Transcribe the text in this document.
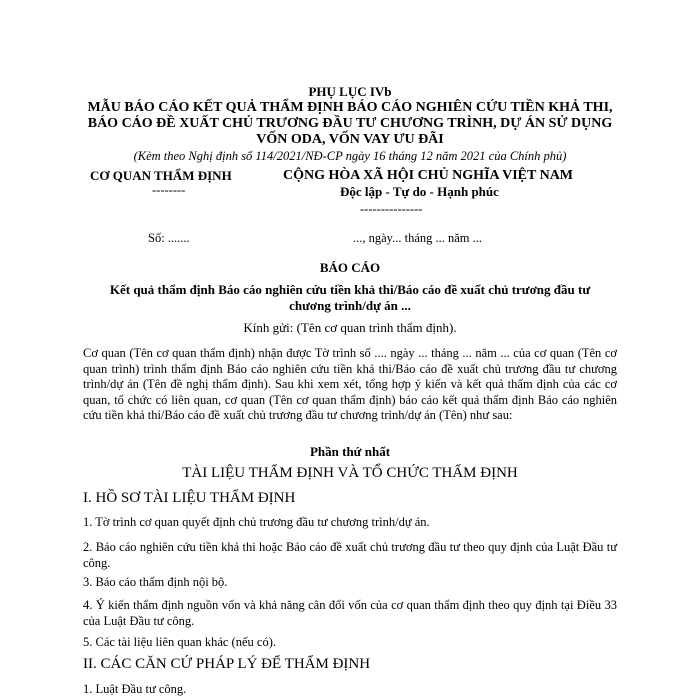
PHỤ LỤC IVb
MẪU BÁO CÁO KẾT QUẢ THẨM ĐỊNH BÁO CÁO NGHIÊN CỨU TIỀN KHẢ THI,
BÁO CÁO ĐỀ XUẤT CHỦ TRƯƠNG ĐẦU TƯ CHƯƠNG TRÌNH, DỰ ÁN SỬ DỤNG
VỐN ODA, VỐN VAY ƯU ĐÃI
(Kèm theo Nghị định số 114/2021/NĐ-CP ngày 16 tháng 12 năm 2021 của Chính phủ)
CƠ QUAN THẨM ĐỊNH
--------
Số: .......
CỘNG HÒA XÃ HỘI CHỦ NGHĨA VIỆT NAM
Độc lập - Tự do - Hạnh phúc
---------------
..., ngày... tháng ... năm ...
BÁO CÁO
Kết quả thẩm định Báo cáo nghiên cứu tiền khả thi/Báo cáo đề xuất chủ trương đầu tư
chương trình/dự án ...
Kính gửi: (Tên cơ quan trình thẩm định).
Cơ quan (Tên cơ quan thẩm định) nhận được Tờ trình số .... ngày ... tháng ... năm ... của cơ quan (Tên cơ quan trình) trình thẩm định Báo cáo nghiên cứu tiền khả thi/Báo cáo đề xuất chủ trương đầu tư chương trình/dự án (Tên đề nghị thẩm định). Sau khi xem xét, tổng hợp ý kiến và kết quả thẩm định của các cơ quan, tổ chức có liên quan, cơ quan (Tên cơ quan thẩm định) báo cáo kết quả thẩm định Báo cáo nghiên cứu tiền khả thi/Báo cáo đề xuất chủ trương đầu tư chương trình/dự án (Tên) như sau:
Phần thứ nhất
TÀI LIỆU THẨM ĐỊNH VÀ TỔ CHỨC THẨM ĐỊNH
I. HỒ SƠ TÀI LIỆU THẨM ĐỊNH
1. Tờ trình cơ quan quyết định chủ trương đầu tư chương trình/dự án.
2. Báo cáo nghiên cứu tiền khả thi hoặc Báo cáo đề xuất chủ trương đầu tư theo quy định của Luật Đầu tư công.
3. Báo cáo thẩm định nội bộ.
4. Ý kiến thẩm định nguồn vốn và khả năng cân đối vốn của cơ quan thẩm định theo quy định tại Điều 33 của Luật Đầu tư công.
5. Các tài liệu liên quan khác (nếu có).
II. CÁC CĂN CỨ PHÁP LÝ ĐỂ THẨM ĐỊNH
1. Luật Đầu tư công.
